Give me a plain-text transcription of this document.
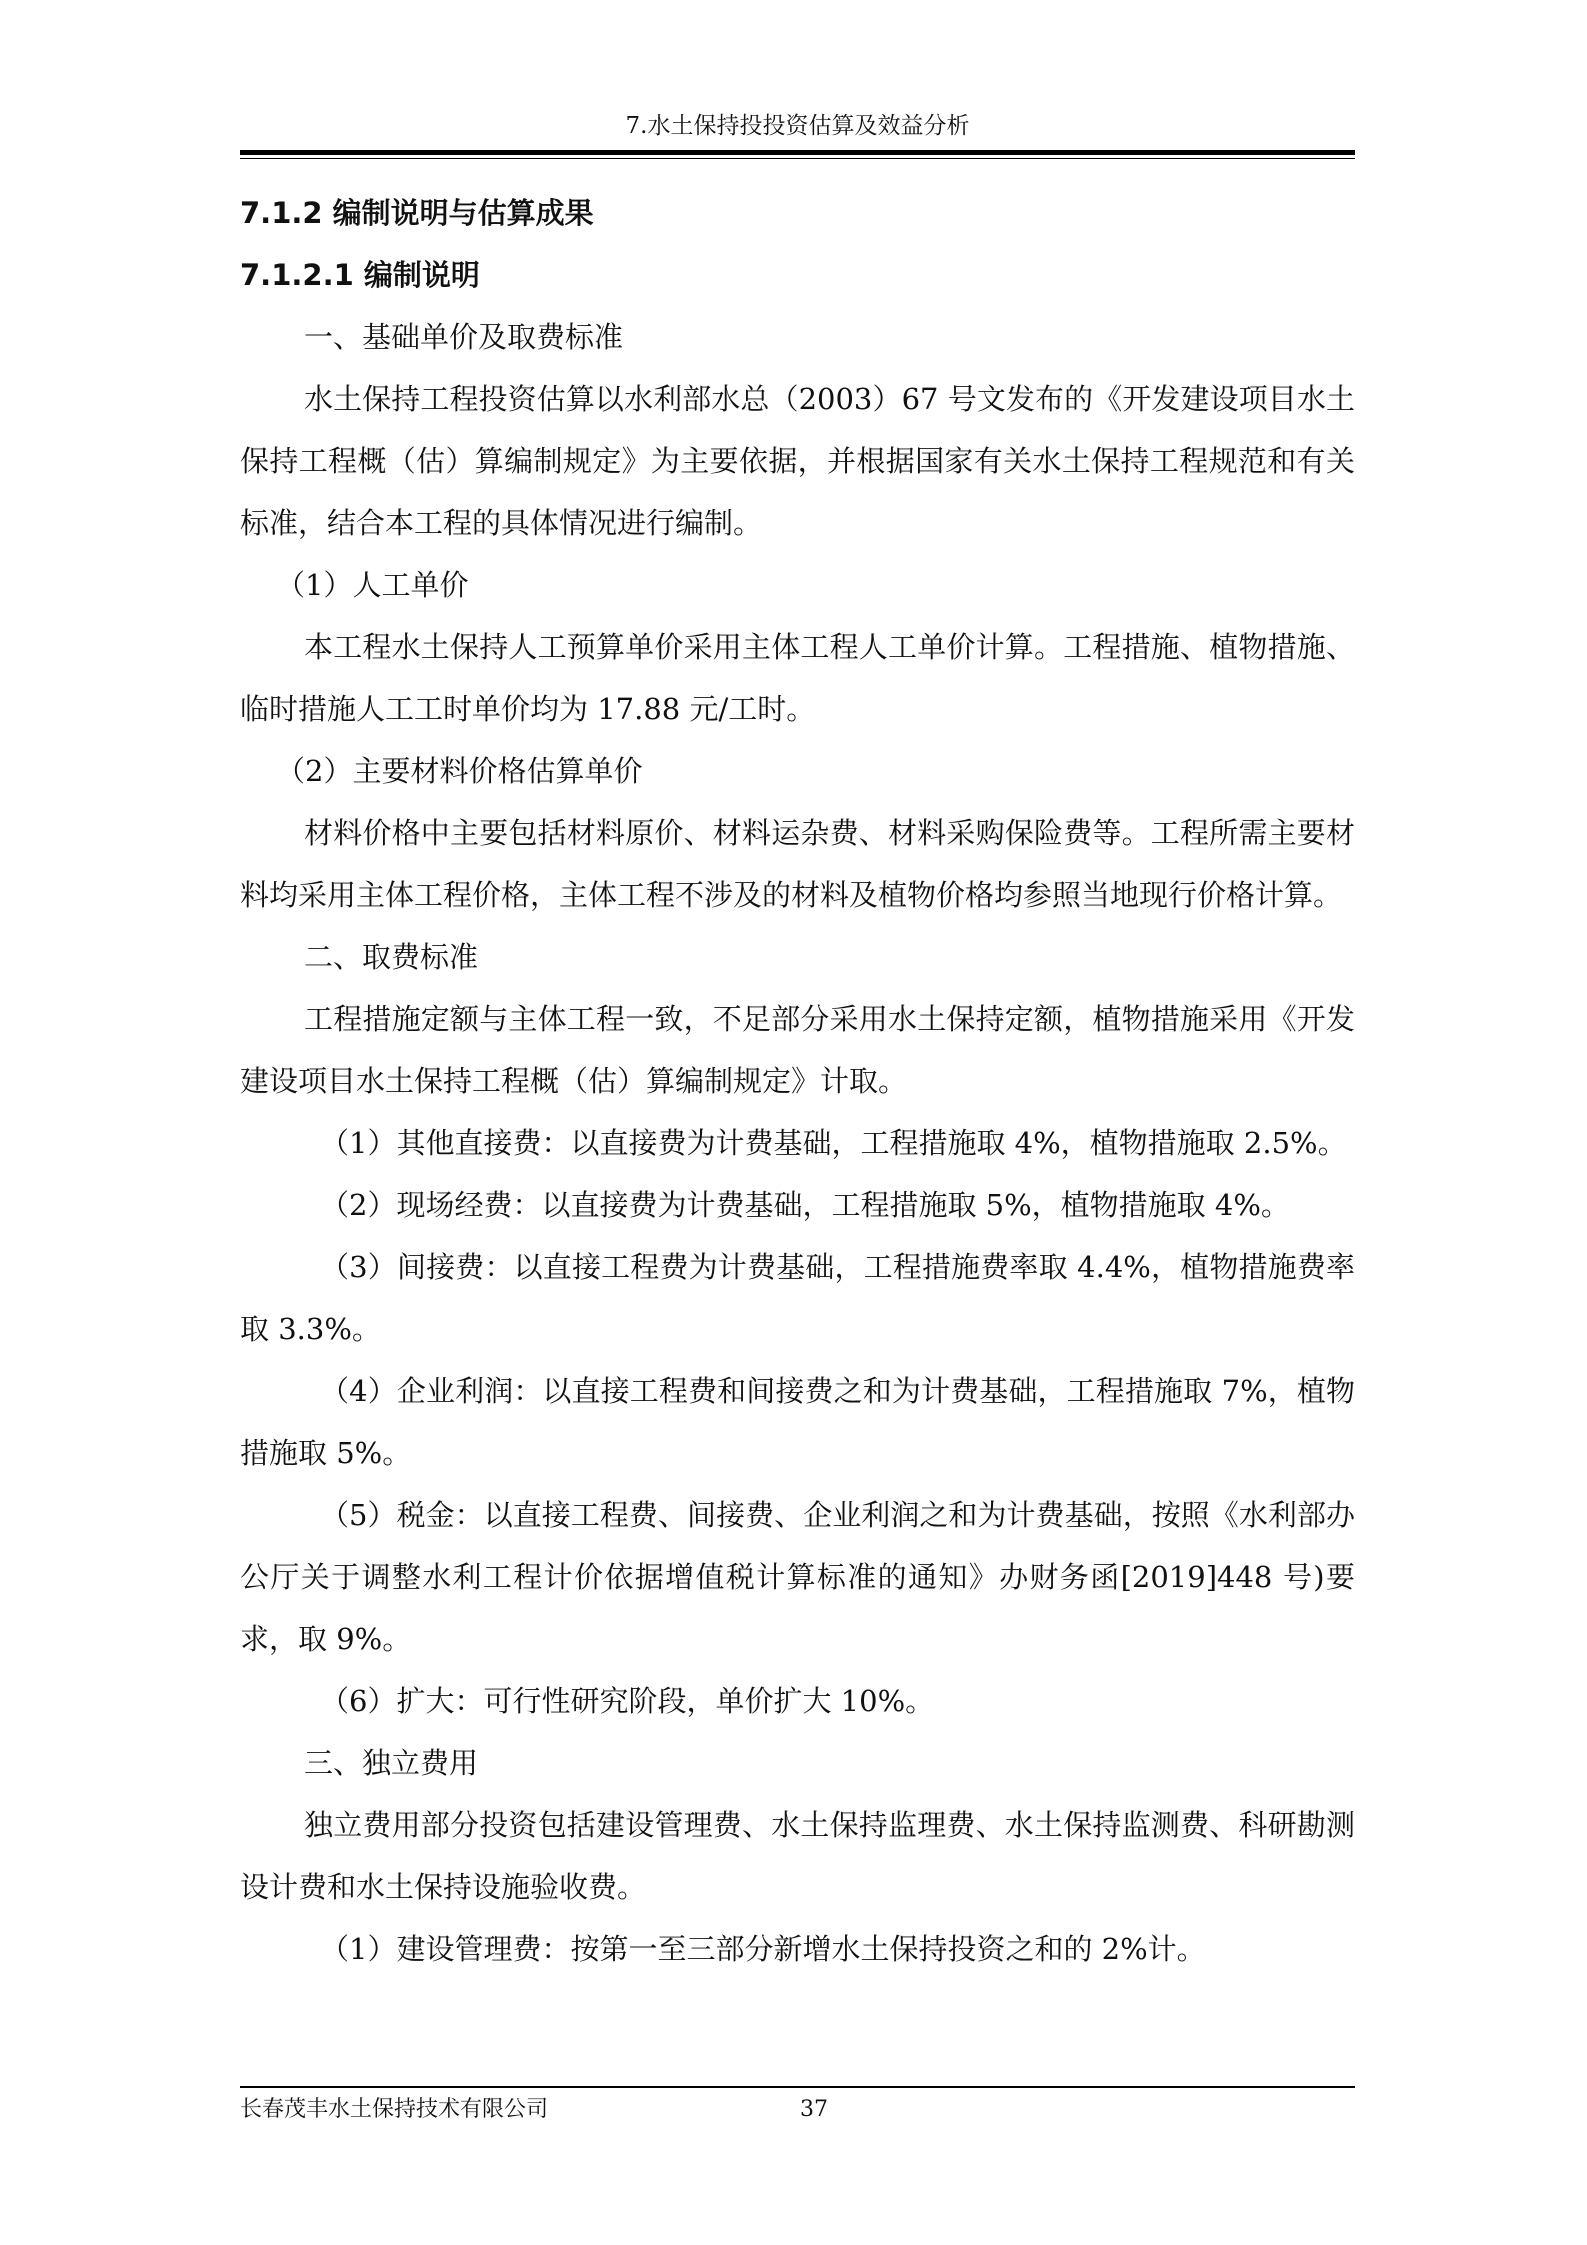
7.水土保持投投资估算及效益分析

7.1.2 编制说明与估算成果

7.1.2.1 编制说明

一、基础单价及取费标准

水土保持工程投资估算以水利部水总（2003）67 号文发布的《开发建设项目水土保持工程概（估）算编制规定》为主要依据，并根据国家有关水土保持工程规范和有关标准，结合本工程的具体情况进行编制。

（1）人工单价

本工程水土保持人工预算单价采用主体工程人工单价计算。工程措施、植物措施、临时措施人工工时单价均为 17.88 元/工时。

（2）主要材料价格估算单价

材料价格中主要包括材料原价、材料运杂费、材料采购保险费等。工程所需主要材料均采用主体工程价格，主体工程不涉及的材料及植物价格均参照当地现行价格计算。

二、取费标准

工程措施定额与主体工程一致，不足部分采用水土保持定额，植物措施采用《开发建设项目水土保持工程概（估）算编制规定》计取。

（1）其他直接费：以直接费为计费基础，工程措施取 4%，植物措施取 2.5%。

（2）现场经费：以直接费为计费基础，工程措施取 5%，植物措施取 4%。

（3）间接费：以直接工程费为计费基础，工程措施费率取 4.4%，植物措施费率取 3.3%。

（4）企业利润：以直接工程费和间接费之和为计费基础，工程措施取 7%，植物措施取 5%。

（5）税金：以直接工程费、间接费、企业利润之和为计费基础，按照《水利部办公厅关于调整水利工程计价依据增值税计算标准的通知》办财务函[2019]448 号)要求，取 9%。

（6）扩大：可行性研究阶段，单价扩大 10%。

三、独立费用

独立费用部分投资包括建设管理费、水土保持监理费、水土保持监测费、科研勘测设计费和水土保持设施验收费。

（1）建设管理费：按第一至三部分新增水土保持投资之和的 2%计。

长春茂丰水土保持技术有限公司	37
